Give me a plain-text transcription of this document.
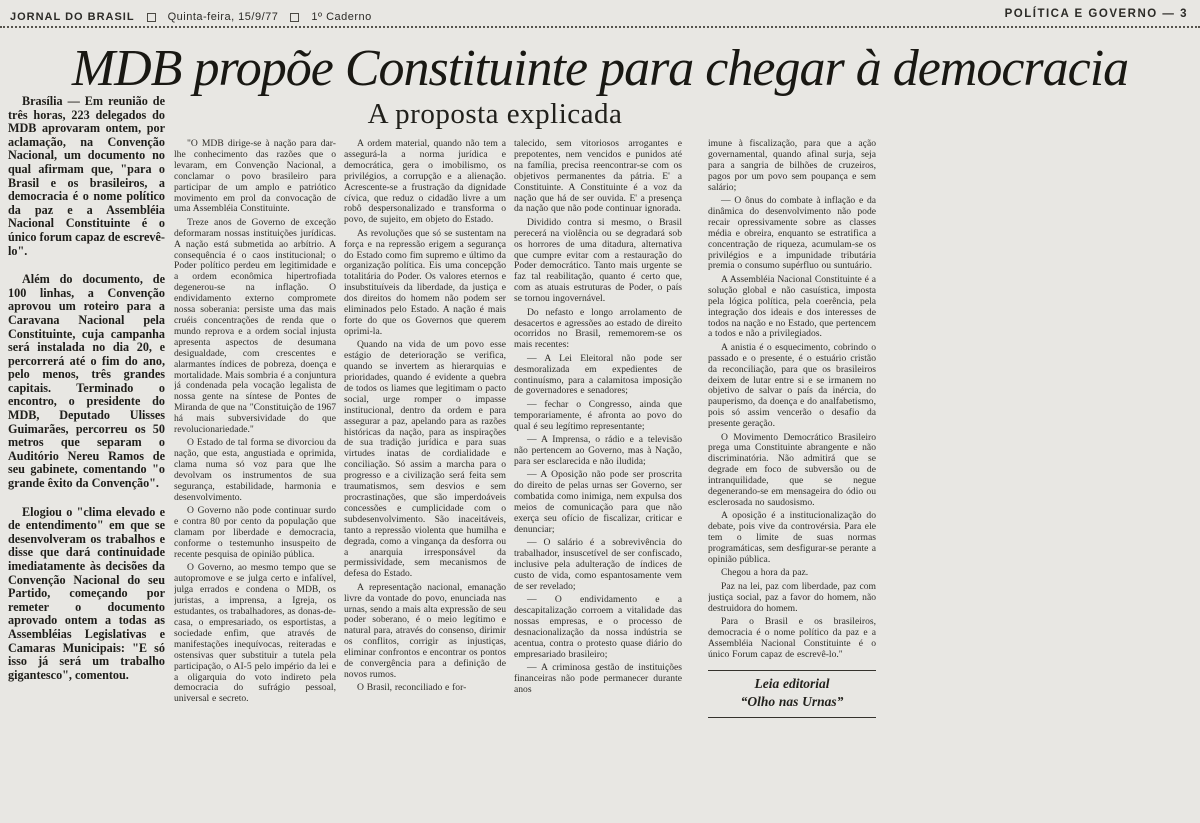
JORNAL DO BRASIL	Quinta-feira, 15/9/77	1º Caderno	POLÍTICA E GOVERNO — 3
MDB propõe Constituinte para chegar à democracia
A proposta explicada

Brasília — Em reunião de três horas, 223 delegados do MDB aprovaram ontem, por aclamação, na Convenção Nacional, um documento no qual afirmam que, "para o Brasil e os brasileiros, a democracia é o nome político da paz e a Assembléia Nacional Constituinte é o único forum capaz de escrevê-lo".

Além do documento, de 100 linhas, a Convenção aprovou um roteiro para a Caravana Nacional pela Constituinte, cuja campanha será instalada no dia 20, e percorrerá até o fim do ano, pelo menos, três grandes capitais. Terminado o encontro, o presidente do MDB, Deputado Ulisses Guimarães, percorreu os 50 metros que separam o Auditório Nereu Ramos de seu gabinete, comentando "o grande êxito da Convenção".

Elogiou o "clima elevado e de entendimento" em que se desenvolveram os trabalhos e disse que dará continuidade imediatamente às decisões da Convenção Nacional do seu Partido, começando por remeter o documento aprovado ontem a todas as Assembléias Legislativas e Camaras Municipais: "E só isso já será um trabalho gigantesco", comentou.

"O MDB dirige-se à nação para dar-lhe conhecimento das razões que o levaram, em Convenção Nacional, a conclamar o povo brasileiro para participar de um amplo e patriótico movimento em prol da convocação de uma Assembléia Constituinte.

Treze anos de Governo de exceção deformaram nossas instituições jurídicas. A nação está submetida ao arbítrio. A consequência é o caos institucional; o Poder político perdeu em legitimidade e a ordem econômica hipertrofiada degenerou-se na inflação. O endividamento externo compromete nossa soberania: persiste uma das mais cruéis concentrações de renda que o mundo reprova e a ordem social injusta apresenta aspectos de desumana desigualdade, com crescentes e alarmantes índices de pobreza, doença e mortalidade. Mais sombria é a conjuntura já condenada pela vocação legalista de nossa gente na síntese de Pontes de Miranda de que na "Constituição de 1967 há mais subversividade do que revolucionariedade."

O Estado de tal forma se divorciou da nação, que esta, angustiada e oprimida, clama numa só voz para que lhe devolvam os instrumentos de sua segurança, estabilidade, harmonia e desenvolvimento.

O Governo não pode continuar surdo e contra 80 por cento da população que clamam por liberdade e democracia, conforme o testemunho insuspeito de recente pesquisa de opinião pública.

O Governo, ao mesmo tempo que se autopromove e se julga certo e infalível, julga errados e condena o MDB, os juristas, a imprensa, a Igreja, os estudantes, os trabalhadores, as donas-de-casa, o empresariado, os esportistas, a sociedade enfim, que através de manifestações inequívocas, reiteradas e ostensivas quer substituir a tutela pela participação, o AI-5 pelo império da lei e a oligarquia do voto indireto pela democracia do sufrágio pessoal, universal e secreto.

A ordem material, quando não tem a assegurá-la a norma jurídica e democrática, gera o imobilismo, os privilégios, a corrupção e a alienação. Acrescente-se a frustração da dignidade cívica, que reduz o cidadão livre a um robô despersonalizado e transforma o povo, de sujeito, em objeto do Estado.

As revoluções que só se sustentam na força e na repressão erigem a segurança do Estado como fim supremo e último da organização política. Eis uma concepção totalitária do Poder. Os valores eternos e insubstituíveis da liberdade, da justiça e dos direitos do homem não podem ser eliminados pelo Estado. A nação é mais forte do que os Governos que querem oprimi-la.

Quando na vida de um povo esse estágio de deterioração se verifica, quando se invertem as hierarquias e prioridades, quando é evidente a quebra de todos os liames que legitimam o pacto social, urge romper o impasse institucional, dentro da ordem e para assegurar a paz, apelando para as razões históricas da nação, para as inspirações de sua tradição jurídica e para suas virtudes inatas de cordialidade e conciliação. Só assim a marcha para o progresso e a civilização será feita sem traumatismos, sem desvios e sem procrastinações, que são imperdoáveis concessões e cumplicidade com o subdesenvolvimento. São inaceitáveis, tanto a repressão violenta que humilha e degrada, como a vingança da desforra ou a anarquia irresponsável da permissividade, sem mecanismos de defesa do Estado.

A representação nacional, emanação livre da vontade do povo, enunciada nas urnas, sendo a mais alta expressão de seu poder soberano, é o meio legítimo e natural para, através do consenso, dirimir os conflitos, corrigir as injustiças, eliminar confrontos e encontrar os pontos de convergência para a definição de novos rumos.

O Brasil, reconciliado e for-

talecido, sem vitoriosos arrogantes e prepotentes, nem vencidos e punidos até na família, precisa reencontrar-se com os objetivos permanentes da pátria. E' a Constituinte. A Constituinte é a voz da nação que há de ser ouvida. E' a presença da nação que não pode continuar ignorada.

Dividido contra si mesmo, o Brasil perecerá na violência ou se degradará sob os horrores de uma ditadura, alternativa que cumpre evitar com a restauração do Poder democrático. Tanto mais urgente se faz tal reabilitação, quanto é certo que, com as atuais estruturas de Poder, o país se tornou ingovernável.

Do nefasto e longo arrolamento de desacertos e agressões ao estado de direito ocorridos no Brasil, rememorem-se os mais recentes:

— A Lei Eleitoral não pode ser desmoralizada em expedientes de continuísmo, para a calamitosa imposição de governadores e senadores;

— fechar o Congresso, ainda que temporariamente, é afronta ao povo do qual é seu legítimo representante;

— A Imprensa, o rádio e a televisão não pertencem ao Governo, mas à Nação, para ser esclarecida e não iludida;

— A Oposição não pode ser proscrita do direito de pelas urnas ser Governo, ser combatida como inimiga, nem expulsa dos meios de comunicação para que não exerça seu ofício de fiscalizar, criticar e denunciar;

— O salário é a sobrevivência do trabalhador, insuscetível de ser confiscado, inclusive pela adulteração de índices de custo de vida, como espantosamente vem de ser revelado;

— O endividamento e a descapitalização corroem a vitalidade das nossas empresas, e o processo de desnacionalização da nossa indústria se acentua, contra o protesto quase diário do empresariado brasileiro;

— A criminosa gestão de instituições financeiras não pode permanecer durante anos

imune à fiscalização, para que a ação governamental, quando afinal surja, seja para a sangria de bilhões de cruzeiros, pagos por um povo sem poupança e sem salário;

— O ônus do combate à inflação e da dinâmica do desenvolvimento não pode recair opressivamente sobre as classes média e obreira, enquanto se estratifica a concentração de riqueza, acumulam-se os privilégios e a impunidade tributária premia o consumo supérfluo ou suntuário.

A Assembléia Nacional Constituinte é a solução global e não casuística, imposta pela lógica política, pela coerência, pela integração dos ideais e dos interesses de todos na nação e no Estado, que pertencem a todos e não a privilegiados.

A anistia é o esquecimento, cobrindo o passado e o presente, é o estuário cristão da reconciliação, para que os brasileiros deixem de lutar entre si e se irmanem no objetivo de salvar o país da inércia, do pauperismo, da doença e do analfabetismo, pois só assim vencerão o desafio da presente geração.

O Movimento Democrático Brasileiro prega uma Constituinte abrangente e não discriminatória. Não admitirá que se degrade em foco de subversão ou de intranquilidade, que se negue degenerando-se em mensageira do ódio ou esclerosada no saudosismo.

A oposição é a institucionalização do debate, pois vive da controvérsia. Para ele tem o limite de suas normas programáticas, sem desfigurar-se perante a opinião pública.

Chegou a hora da paz.

Paz na lei, paz com liberdade, paz com justiça social, paz a favor do homem, não destruidora do homem.

Para o Brasil e os brasileiros, democracia é o nome político da paz e a Assembléia Nacional Constituinte é o único Forum capaz de escrevê-lo."

Leia editorial
“Olho nas Urnas”
